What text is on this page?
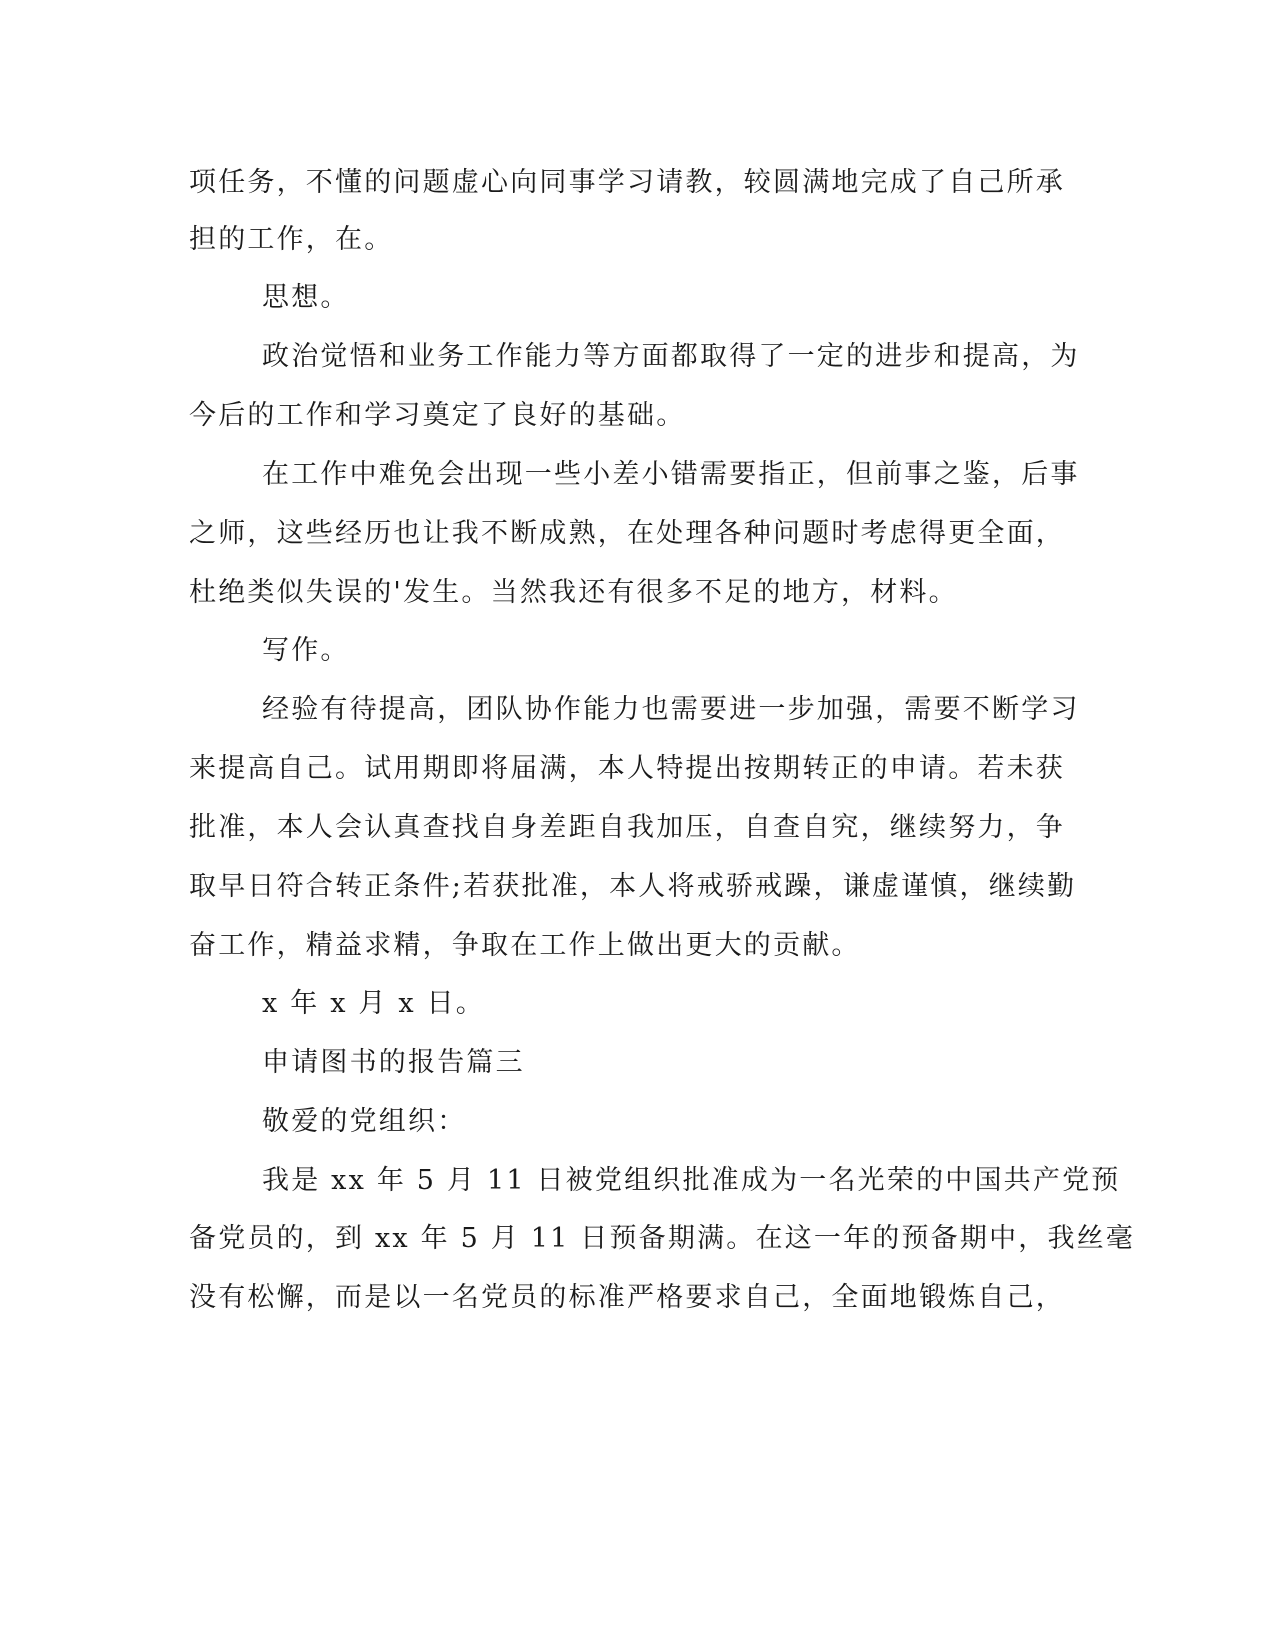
项任务，不懂的问题虚心向同事学习请教，较圆满地完成了自己所承
担的工作，在。
思想。
政治觉悟和业务工作能力等方面都取得了一定的进步和提高，为
今后的工作和学习奠定了良好的基础。
在工作中难免会出现一些小差小错需要指正，但前事之鉴，后事
之师，这些经历也让我不断成熟，在处理各种问题时考虑得更全面，
杜绝类似失误的'发生。当然我还有很多不足的地方，材料。
写作。
经验有待提高，团队协作能力也需要进一步加强，需要不断学习
来提高自己。试用期即将届满，本人特提出按期转正的申请。若未获
批准，本人会认真查找自身差距自我加压，自查自究，继续努力，争
取早日符合转正条件;若获批准，本人将戒骄戒躁，谦虚谨慎，继续勤
奋工作，精益求精，争取在工作上做出更大的贡献。
x 年 x 月 x 日。
申请图书的报告篇三
敬爱的党组织：
我是 xx 年 5 月 11 日被党组织批准成为一名光荣的中国共产党预
备党员的，到 xx 年 5 月 11 日预备期满。在这一年的预备期中，我丝毫
没有松懈，而是以一名党员的标准严格要求自己，全面地锻炼自己，
